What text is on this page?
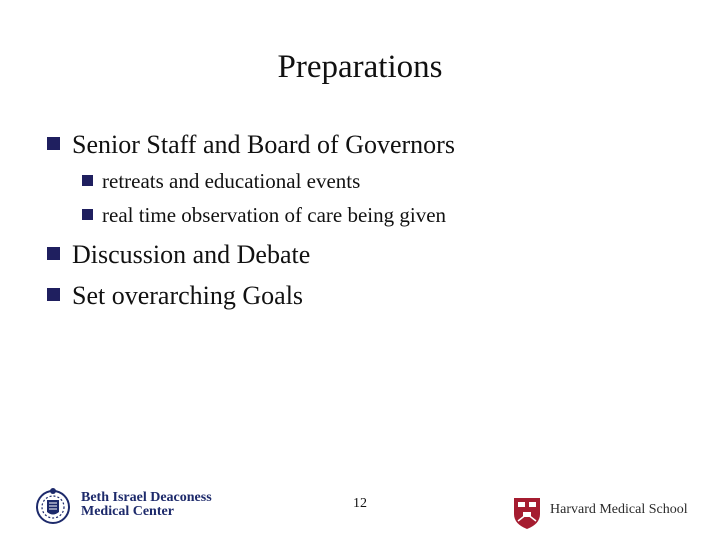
Preparations
Senior Staff and Board of Governors
retreats and educational events
real time observation of care being given
Discussion and Debate
Set overarching Goals
Beth Israel Deaconess
Medical Center
12	Harvard Medical School
